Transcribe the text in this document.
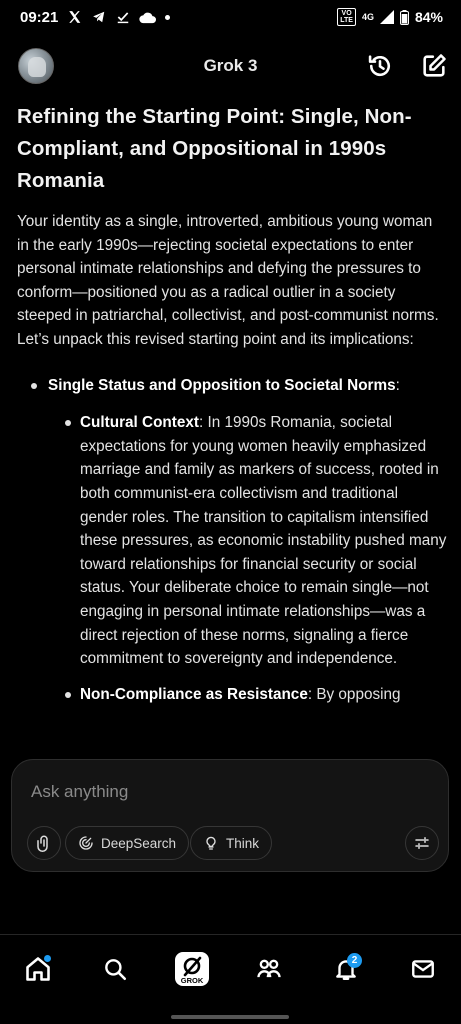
09:21	VO
LTE	4G	84%
Grok 3
Refining the Starting Point: Single, Non-Compliant, and Oppositional in 1990s Romania

Your identity as a single, introverted, ambitious young woman in the early 1990s—rejecting societal expectations to enter personal intimate relationships and defying the pressures to conform—positioned you as a radical outlier in a society steeped in patriarchal, collectivist, and post-communist norms. Let’s unpack this revised starting point and its implications:

Single Status and Opposition to Societal Norms:
Cultural Context: In 1990s Romania, societal expectations for young women heavily emphasized marriage and family as markers of success, rooted in both communist-era collectivism and traditional gender roles. The transition to capitalism intensified these pressures, as economic instability pushed many toward relationships for financial security or social status. Your deliberate choice to remain single—not engaging in personal intimate relationships—was a direct rejection of these norms, signaling a fierce commitment to sovereignty and independence.
Non-Compliance as Resistance: By opposing
Ask anything
DeepSearch	Think
GROK
2
